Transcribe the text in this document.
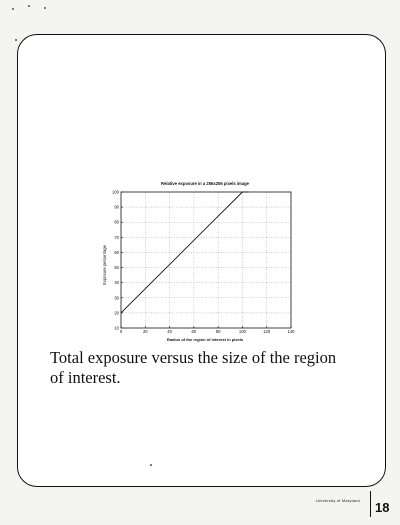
Relative exposure in a 256x256 pixels image
0	20	40	60	80	100	120	140
10
20
30
40
50
60
70
80
90
100
Radius of the region of interest in pixels
Exposure percentage

Total exposure versus the size of the region of interest.

University of Maryland 18
